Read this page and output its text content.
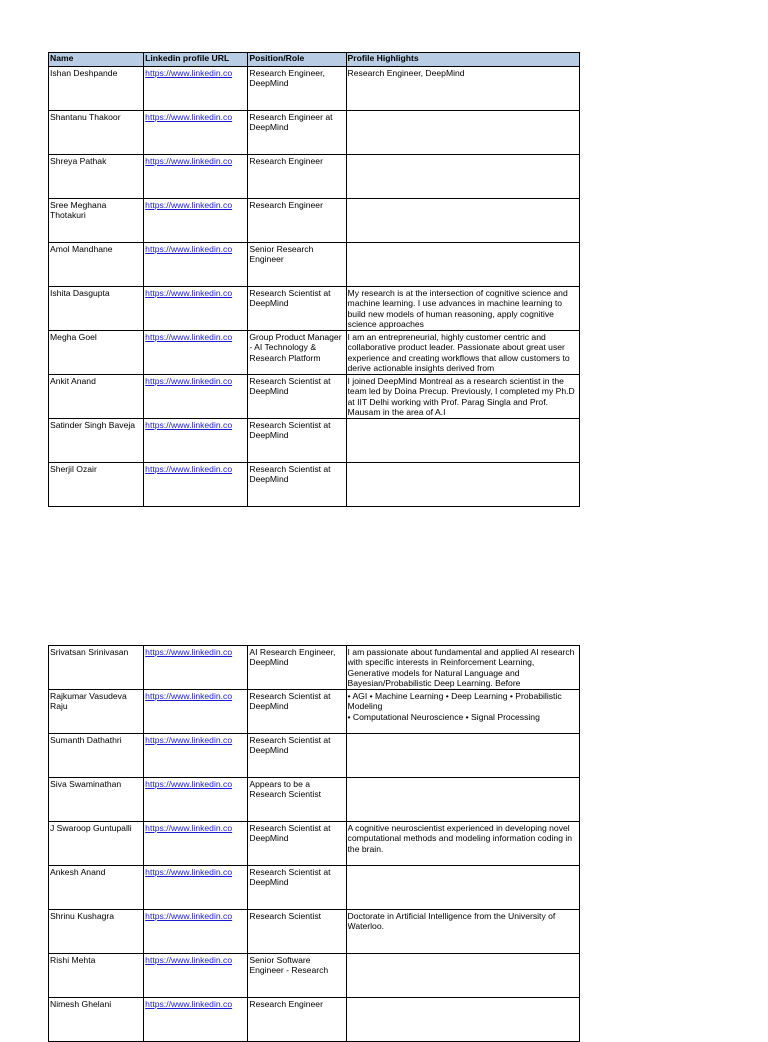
Name	Linkedin profile URL	Position/Role	Profile Highlights

Ishan Deshpande	https://www.linkedin.co	Research Engineer, DeepMind	Research Engineer, DeepMind

Shantanu Thakoor	https://www.linkedin.co	Research Engineer at DeepMind	

Shreya Pathak	https://www.linkedin.co	Research Engineer	

Sree Meghana Thotakuri	https://www.linkedin.co	Research Engineer	

Amol Mandhane	https://www.linkedin.co	Senior Research Engineer	

Ishita Dasgupta	https://www.linkedin.co	Research Scientist at DeepMind	My research is at the intersection of cognitive science and machine learning. I use advances in machine learning to build new models of human reasoning, apply cognitive science approaches

Megha Goel	https://www.linkedin.co	Group Product Manager - AI Technology & Research Platform	I am an entrepreneurial, highly customer centric and collaborative product leader. Passionate about great user experience and creating workflows that allow customers to derive actionable insights derived from

Ankit Anand	https://www.linkedin.co	Research Scientist at DeepMind	I joined DeepMind Montreal as a research scientist in the team led by Doina Precup. Previously, I completed my Ph.D at IIT Delhi working with Prof. Parag Singla and Prof. Mausam in the area of A.I

Satinder Singh Baveja	https://www.linkedin.co	Research Scientist at DeepMind	

Sherjil Ozair	https://www.linkedin.co	Research Scientist at DeepMind	

Srivatsan Srinivasan	https://www.linkedin.co	AI Research Engineer, DeepMind	I am passionate about fundamental and applied AI research with specific interests in Reinforcement Learning, Generative models for Natural Language and Bayesian/Probabilistic Deep Learning. Before

Rajkumar Vasudeva Raju	https://www.linkedin.co	Research Scientist at DeepMind	• AGI • Machine Learning • Deep Learning • Probabilistic Modeling
• Computational Neuroscience • Signal Processing

Sumanth Dathathri	https://www.linkedin.co	Research Scientist at DeepMind	

Siva Swaminathan	https://www.linkedin.co	Appears to be a Research Scientist	

J Swaroop Guntupalli	https://www.linkedin.co	Research Scientist at DeepMind	A cognitive neuroscientist experienced in developing novel computational methods and modeling information coding in the brain.

Ankesh Anand	https://www.linkedin.co	Research Scientist at DeepMind	

Shrinu Kushagra	https://www.linkedin.co	Research Scientist	Doctorate in Artificial Intelligence from the University of Waterloo.

Rishi Mehta	https://www.linkedin.co	Senior Software Engineer - Research	

Nimesh Ghelani	https://www.linkedin.co	Research Engineer	
